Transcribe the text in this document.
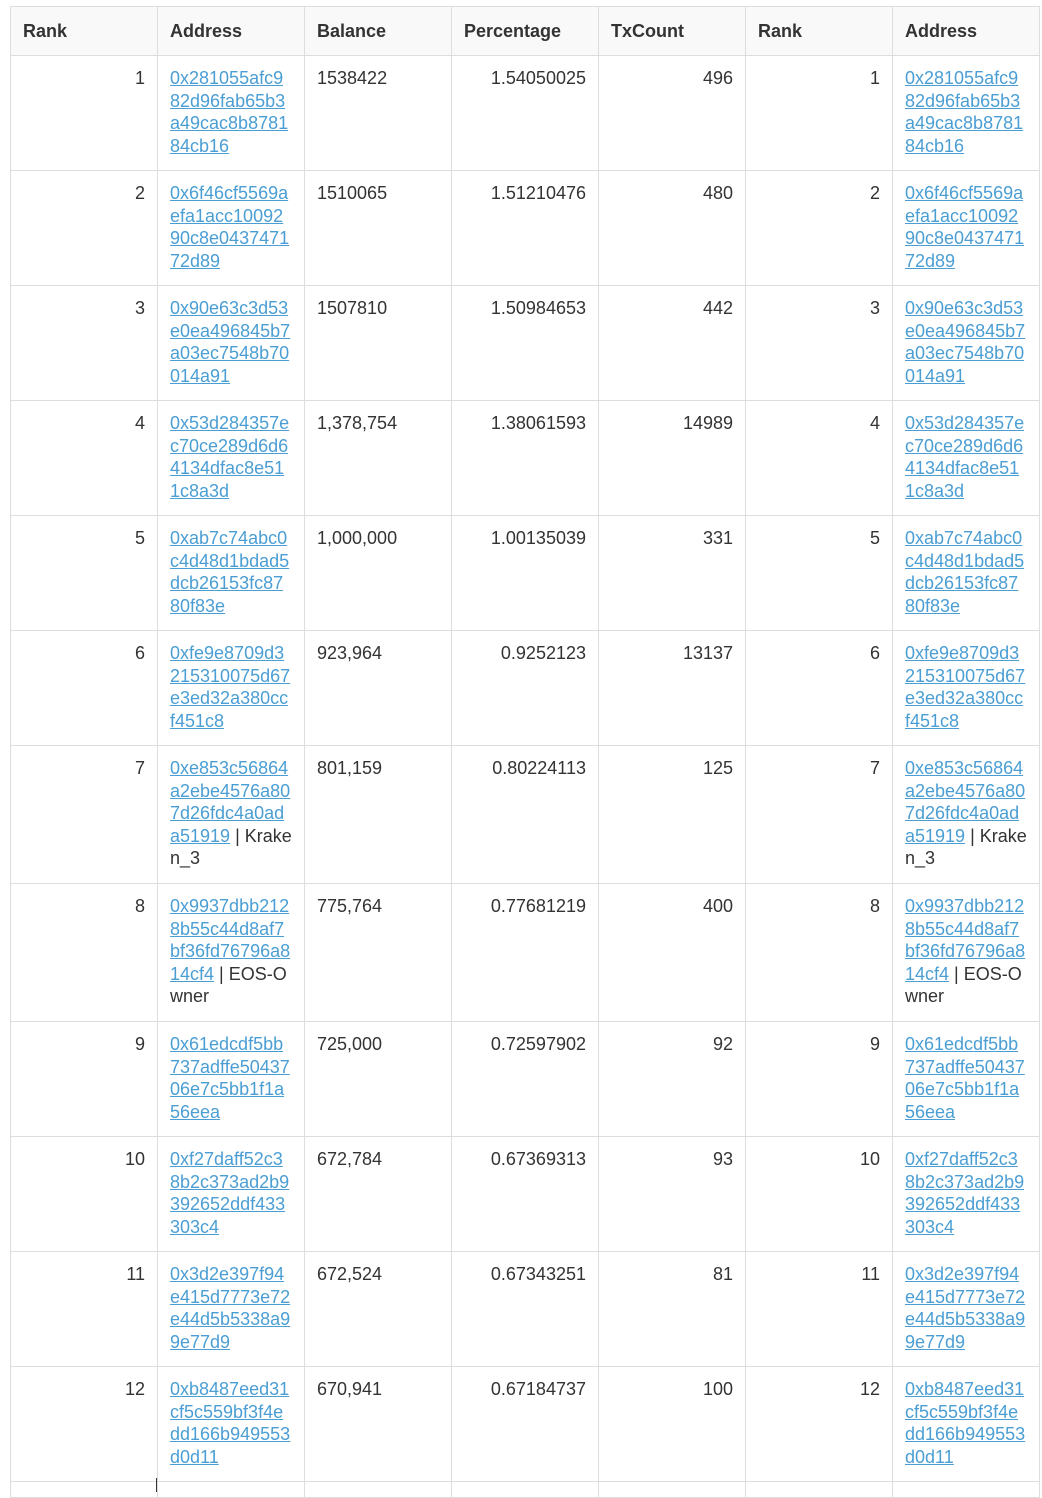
Rank	Address	Balance	Percentage	TxCount	Rank	Address
1	0x281055afc982d96fab65b3a49cac8b878184cb16	1538422	1.54050025	496	1	0x281055afc982d96fab65b3a49cac8b878184cb16
2	0x6f46cf5569aefa1acc1009290c8e043747172d89	1510065	1.51210476	480	2	0x6f46cf5569aefa1acc1009290c8e043747172d89
3	0x90e63c3d53e0ea496845b7a03ec7548b70014a91	1507810	1.50984653	442	3	0x90e63c3d53e0ea496845b7a03ec7548b70014a91
4	0x53d284357ec70ce289d6d64134dfac8e511c8a3d	1,378,754	1.38061593	14989	4	0x53d284357ec70ce289d6d64134dfac8e511c8a3d
5	0xab7c74abc0c4d48d1bdad5dcb26153fc8780f83e	1,000,000	1.00135039	331	5	0xab7c74abc0c4d48d1bdad5dcb26153fc8780f83e
6	0xfe9e8709d3215310075d67e3ed32a380ccf451c8	923,964	0.9252123	13137	6	0xfe9e8709d3215310075d67e3ed32a380ccf451c8
7	0xe853c56864a2ebe4576a807d26fdc4a0ada51919 | Kraken_3	801,159	0.80224113	125	7	0xe853c56864a2ebe4576a807d26fdc4a0ada51919 | Kraken_3
8	0x9937dbb2128b55c44d8af7bf36fd76796a814cf4 | EOS-Owner	775,764	0.77681219	400	8	0x9937dbb2128b55c44d8af7bf36fd76796a814cf4 | EOS-Owner
9	0x61edcdf5bb737adffe5043706e7c5bb1f1a56eea	725,000	0.72597902	92	9	0x61edcdf5bb737adffe5043706e7c5bb1f1a56eea
10	0xf27daff52c38b2c373ad2b9392652ddf433303c4	672,784	0.67369313	93	10	0xf27daff52c38b2c373ad2b9392652ddf433303c4
11	0x3d2e397f94e415d7773e72e44d5b5338a99e77d9	672,524	0.67343251	81	11	0x3d2e397f94e415d7773e72e44d5b5338a99e77d9
12	0xb8487eed31cf5c559bf3f4edd166b949553d0d11	670,941	0.67184737	100	12	0xb8487eed31cf5c559bf3f4edd166b949553d0d11
